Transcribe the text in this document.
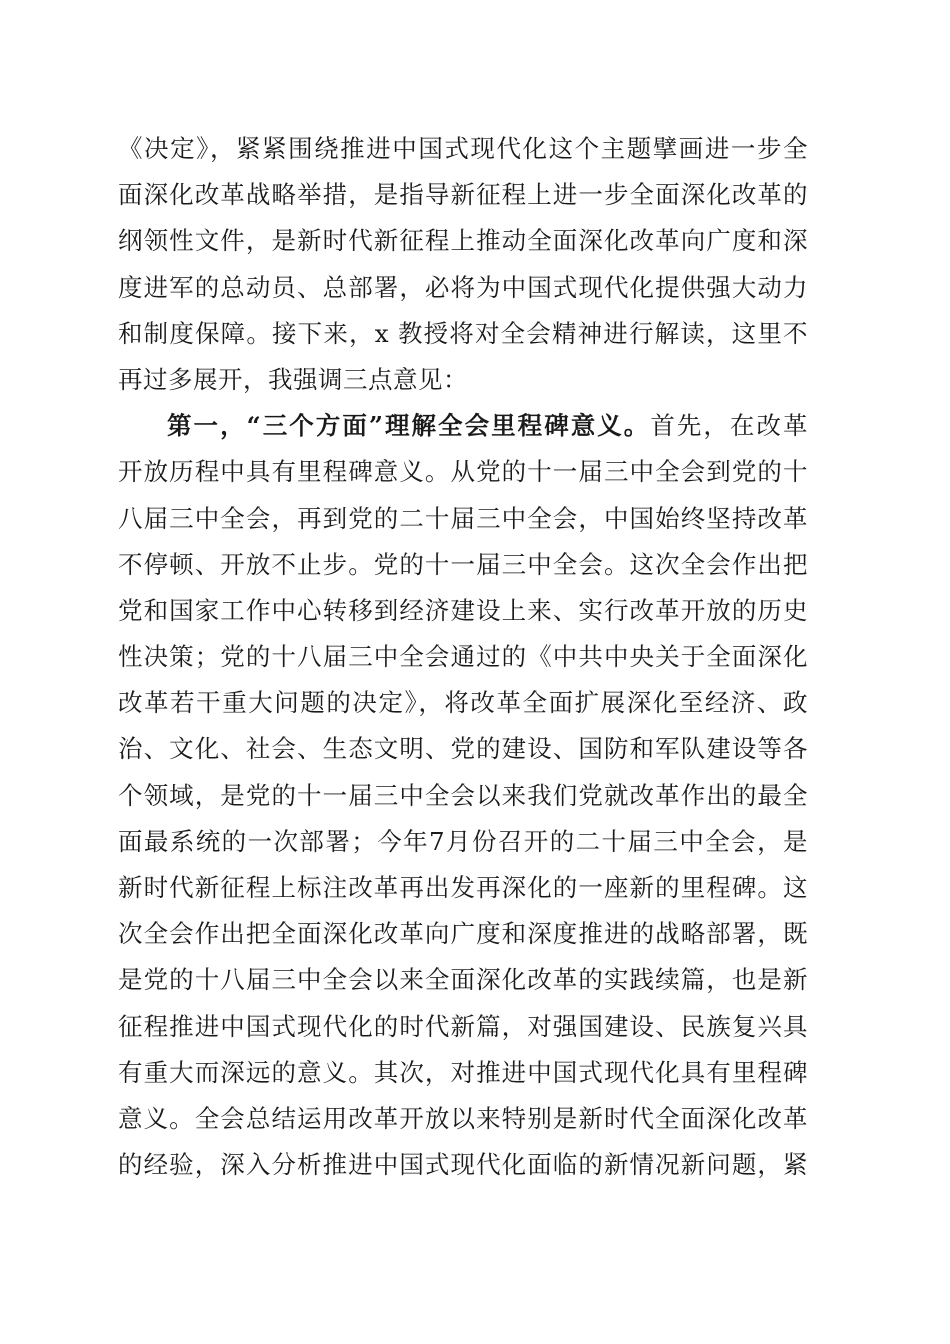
《决定》，紧紧围绕推进中国式现代化这个主题擘画进一步全
面深化改革战略举措，是指导新征程上进一步全面深化改革的
纲领性文件，是新时代新征程上推动全面深化改革向广度和深
度进军的总动员、总部署，必将为中国式现代化提供强大动力
和制度保障。接下来，x 教授将对全会精神进行解读，这里不
再过多展开，我强调三点意见：
第一，“三个方面”理解全会里程碑意义。首先，在改革
开放历程中具有里程碑意义。从党的十一届三中全会到党的十
八届三中全会，再到党的二十届三中全会，中国始终坚持改革
不停顿、开放不止步。党的十一届三中全会。这次全会作出把
党和国家工作中心转移到经济建设上来、实行改革开放的历史
性决策；党的十八届三中全会通过的《中共中央关于全面深化
改革若干重大问题的决定》，将改革全面扩展深化至经济、政
治、文化、社会、生态文明、党的建设、国防和军队建设等各
个领域，是党的十一届三中全会以来我们党就改革作出的最全
面最系统的一次部署；今年7月份召开的二十届三中全会，是
新时代新征程上标注改革再出发再深化的一座新的里程碑。这
次全会作出把全面深化改革向广度和深度推进的战略部署，既
是党的十八届三中全会以来全面深化改革的实践续篇，也是新
征程推进中国式现代化的时代新篇，对强国建设、民族复兴具
有重大而深远的意义。其次，对推进中国式现代化具有里程碑
意义。全会总结运用改革开放以来特别是新时代全面深化改革
的经验，深入分析推进中国式现代化面临的新情况新问题，紧
